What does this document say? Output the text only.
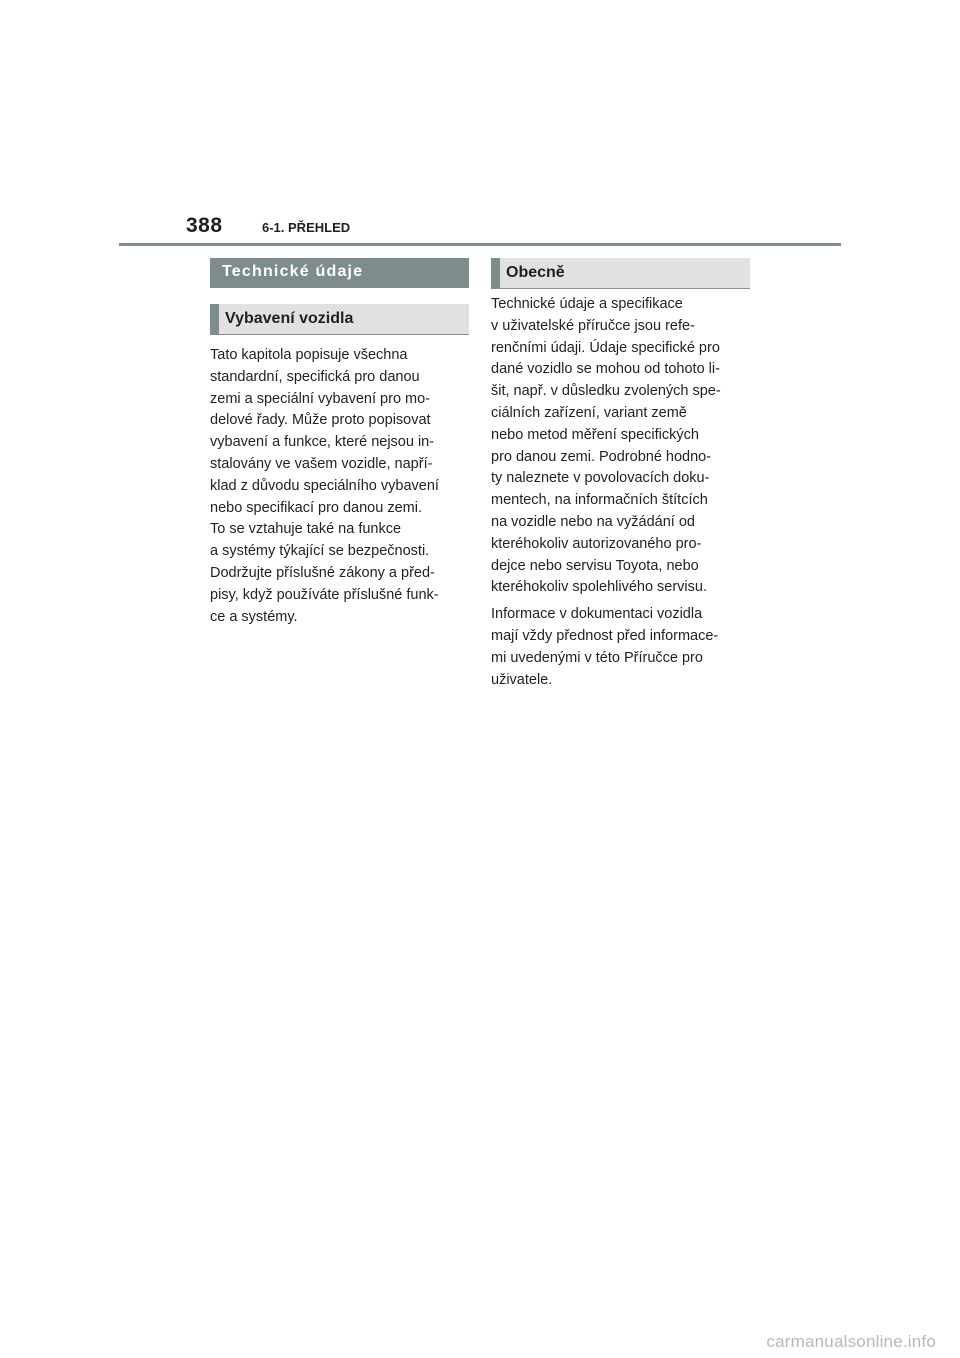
388	6-1. PŘEHLED
Technické údaje
Vybavení vozidla

Tato kapitola popisuje všechna
standardní, specifická pro danou
zemi a speciální vybavení pro mo-
delové řady. Může proto popisovat
vybavení a funkce, které nejsou in-
stalovány ve vašem vozidle, napří-
klad z důvodu speciálního vybavení
nebo specifikací pro danou zemi.
To se vztahuje také na funkce
a systémy týkající se bezpečnosti.
Dodržujte příslušné zákony a před-
pisy, když používáte příslušné funk-
ce a systémy.

Obecně

Technické údaje a specifikace
v uživatelské příručce jsou refe-
renčními údaji. Údaje specifické pro
dané vozidlo se mohou od tohoto li-
šit, např. v důsledku zvolených spe-
ciálních zařízení, variant země
nebo metod měření specifických
pro danou zemi. Podrobné hodno-
ty naleznete v povolovacích doku-
mentech, na informačních štítcích
na vozidle nebo na vyžádání od
kteréhokoliv autorizovaného pro-
dejce nebo servisu Toyota, nebo
kteréhokoliv spolehlivého servisu.

Informace v dokumentaci vozidla
mají vždy přednost před informace-
mi uvedenými v této Příručce pro
uživatele.

carmanualsonline.info
